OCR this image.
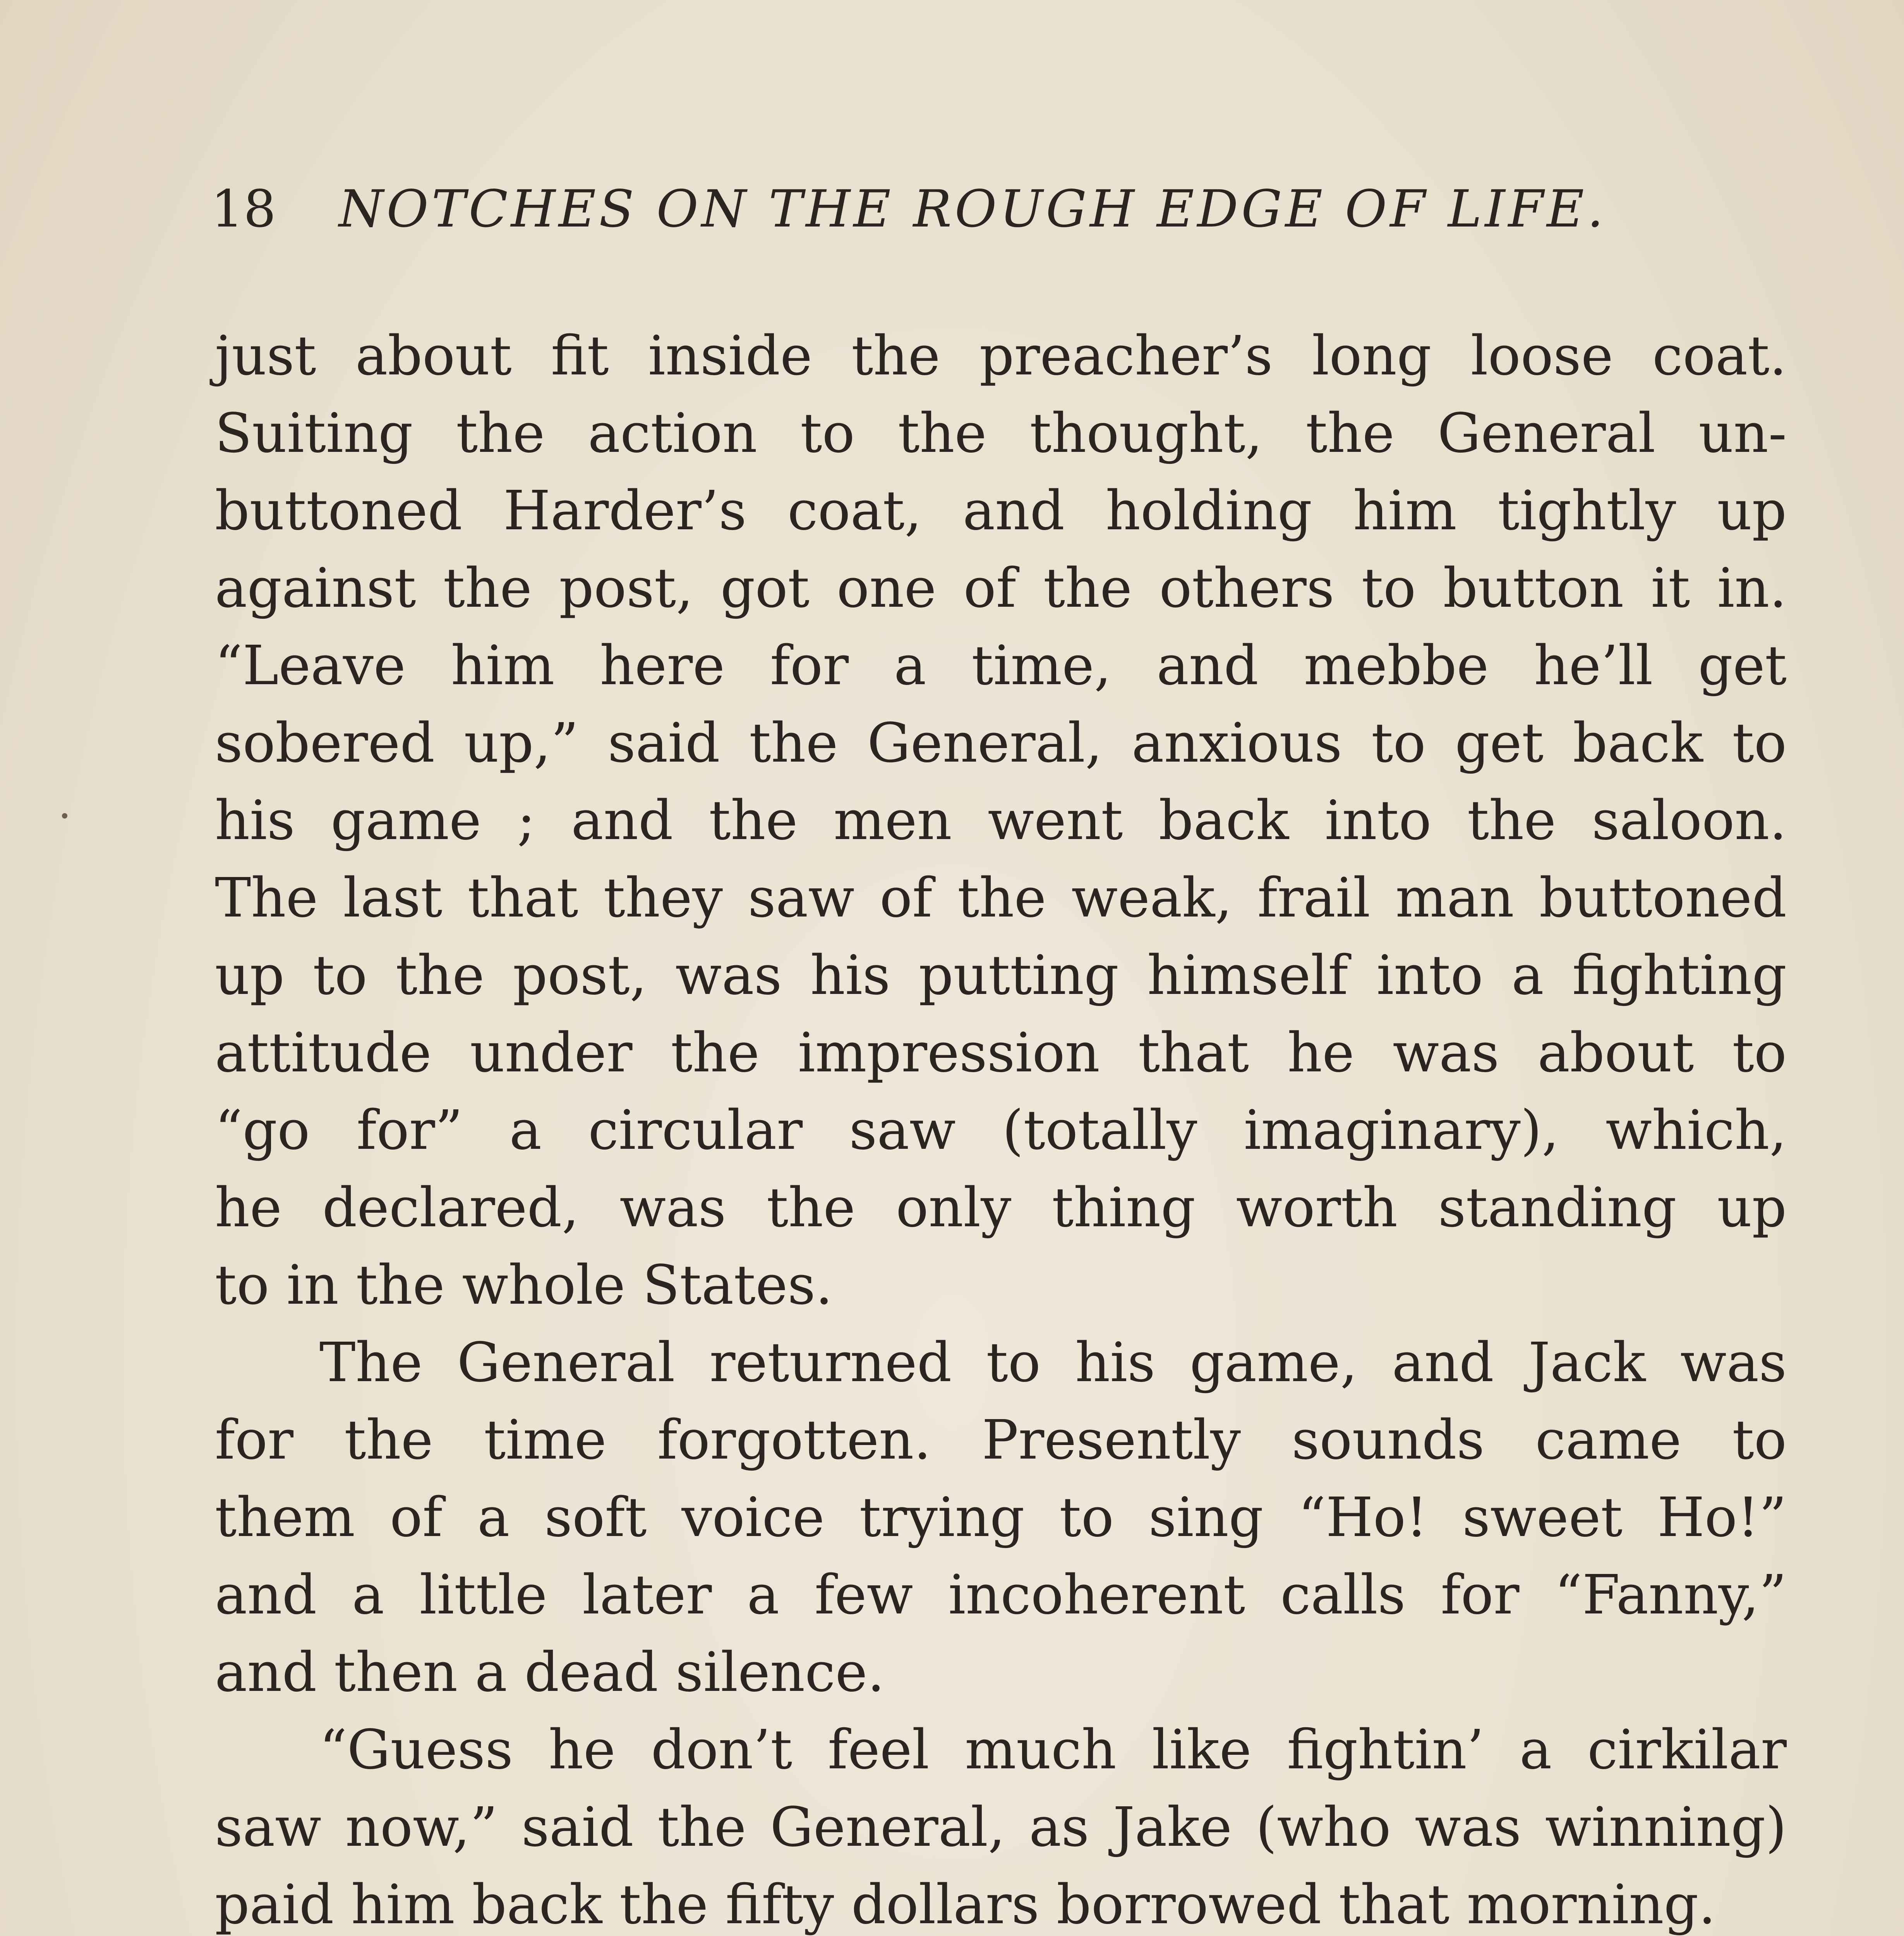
18 NOTCHES ON THE ROUGH EDGE OF LIFE.
just about fit inside the preacher’s long loose coat.
Suiting the action to the thought, the General un-
buttoned Harder’s coat, and holding him tightly up
against the post, got one of the others to button it in.
“Leave him here for a time, and mebbe he’ll get
sobered up,” said the General, anxious to get back to
his game ; and the men went back into the saloon.
The last that they saw of the weak, frail man buttoned
up to the post, was his putting himself into a fighting
attitude under the impression that he was about to
“go for” a circular saw (totally imaginary), which,
he declared, was the only thing worth standing up
to in the whole States.
The General returned to his game, and Jack was
for the time forgotten. Presently sounds came to
them of a soft voice trying to sing “Ho! sweet Ho!”
and a little later a few incoherent calls for “Fanny,”
and then a dead silence.
“Guess he don’t feel much like fightin’ a cirkilar
saw now,” said the General, as Jake (who was winning)
paid him back the fifty dollars borrowed that morning.
